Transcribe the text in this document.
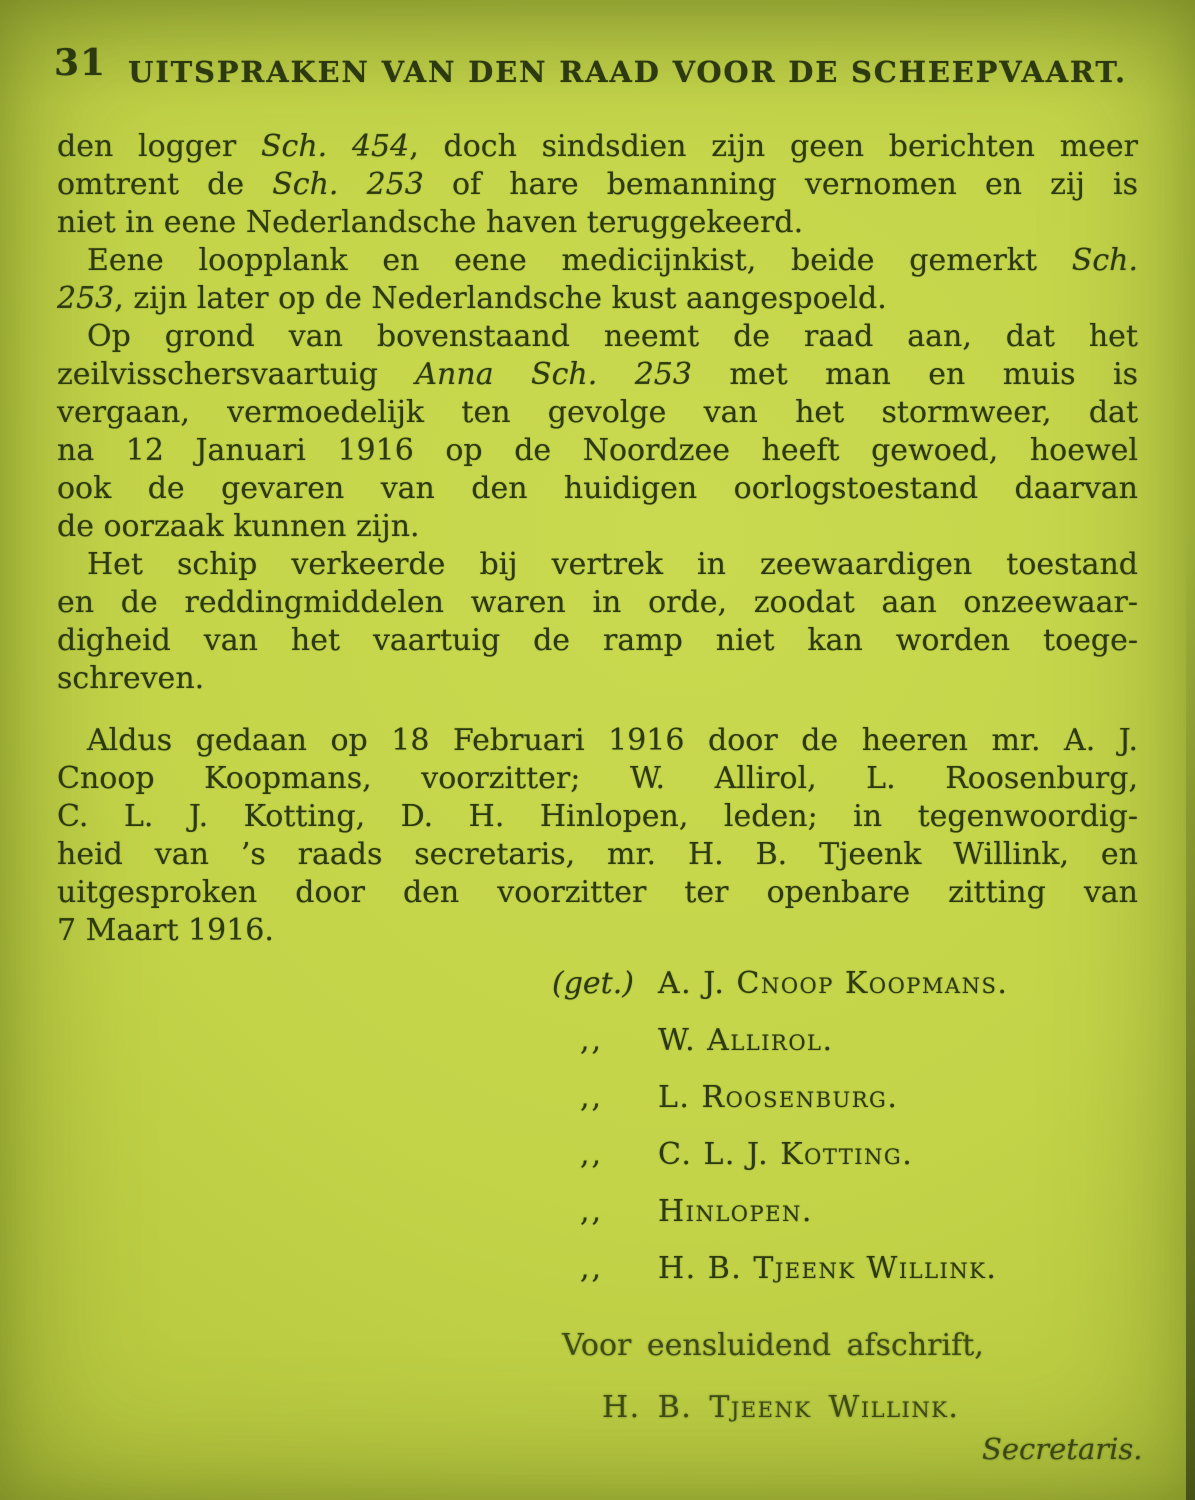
31 UITSPRAKEN VAN DEN RAAD VOOR DE SCHEEPVAART.

den logger Sch. 454, doch sindsdien zijn geen berichten meer
omtrent de Sch. 253 of hare bemanning vernomen en zij is
niet in eene Nederlandsche haven teruggekeerd.

Eene loopplank en eene medicijnkist, beide gemerkt Sch.
253, zijn later op de Nederlandsche kust aangespoeld.

Op grond van bovenstaand neemt de raad aan, dat het
zeilvisschersvaartuig Anna Sch. 253 met man en muis is
vergaan, vermoedelijk ten gevolge van het stormweer, dat
na 12 Januari 1916 op de Noordzee heeft gewoed, hoewel
ook de gevaren van den huidigen oorlogstoestand daarvan
de oorzaak kunnen zijn.

Het schip verkeerde bij vertrek in zeewaardigen toestand
en de reddingmiddelen waren in orde, zoodat aan onzeewaar-
digheid van het vaartuig de ramp niet kan worden toege-
schreven.

Aldus gedaan op 18 Februari 1916 door de heeren mr. A. J.
Cnoop Koopmans, voorzitter; W. Allirol, L. Roosenburg,
C. L. J. Kotting, D. H. Hinlopen, leden; in tegenwoordig-
heid van ’s raads secretaris, mr. H. B. Tjeenk Willink, en
uitgesproken door den voorzitter ter openbare zitting van
7 Maart 1916.

(get.) A. J. Cnoop Koopmans.
,, W. Allirol.
,, L. Roosenburg.
,, C. L. J. Kotting.
,, Hinlopen.
,, H. B. Tjeenk Willink.
Voor eensluidend afschrift,
H. B. Tjeenk Willink.
Secretaris.
